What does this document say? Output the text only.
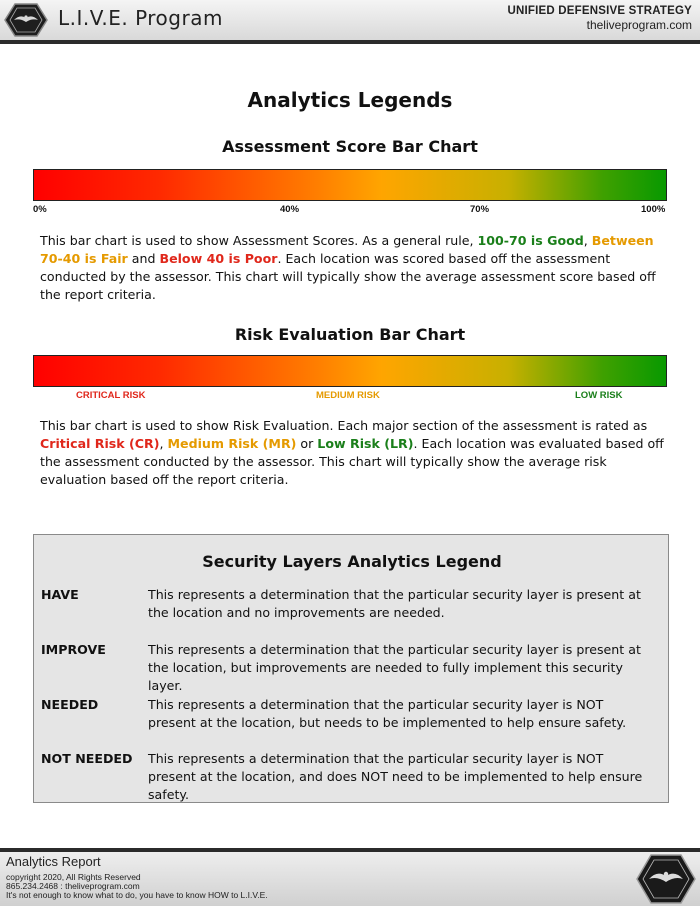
L.I.V.E. Program	UNIFIED DEFENSIVE STRATEGY
theliveprogram.com
Analytics Legends
Assessment Score Bar Chart
0%	40%	70%	100%
This bar chart is used to show Assessment Scores. As a general rule, 100-70 is Good, Between 70-40 is Fair and Below 40 is Poor. Each location was scored based off the assessment conducted by the assessor. This chart will typically show the average assessment score based off the report criteria.
Risk Evaluation Bar Chart
CRITICAL RISK	MEDIUM RISK	LOW RISK
This bar chart is used to show Risk Evaluation. Each major section of the assessment is rated as Critical Risk (CR), Medium Risk (MR) or Low Risk (LR). Each location was evaluated based off the assessment conducted by the assessor. This chart will typically show the average risk evaluation based off the report criteria.
Security Layers Analytics Legend
HAVE	This represents a determination that the particular security layer is present at the location and no improvements are needed.
IMPROVE	This represents a determination that the particular security layer is present at the location, but improvements are needed to fully implement this security layer.
NEEDED	This represents a determination that the particular security layer is NOT present at the location, but needs to be implemented to help ensure safety.
NOT NEEDED This represents a determination that the particular security layer is NOT present at the location, and does NOT need to be implemented to help ensure safety.
Analytics Report
copyright 2020, All Rights Reserved
865.234.2468 : theliveprogram.com
It's not enough to know what to do, you have to know HOW to L.I.V.E.
